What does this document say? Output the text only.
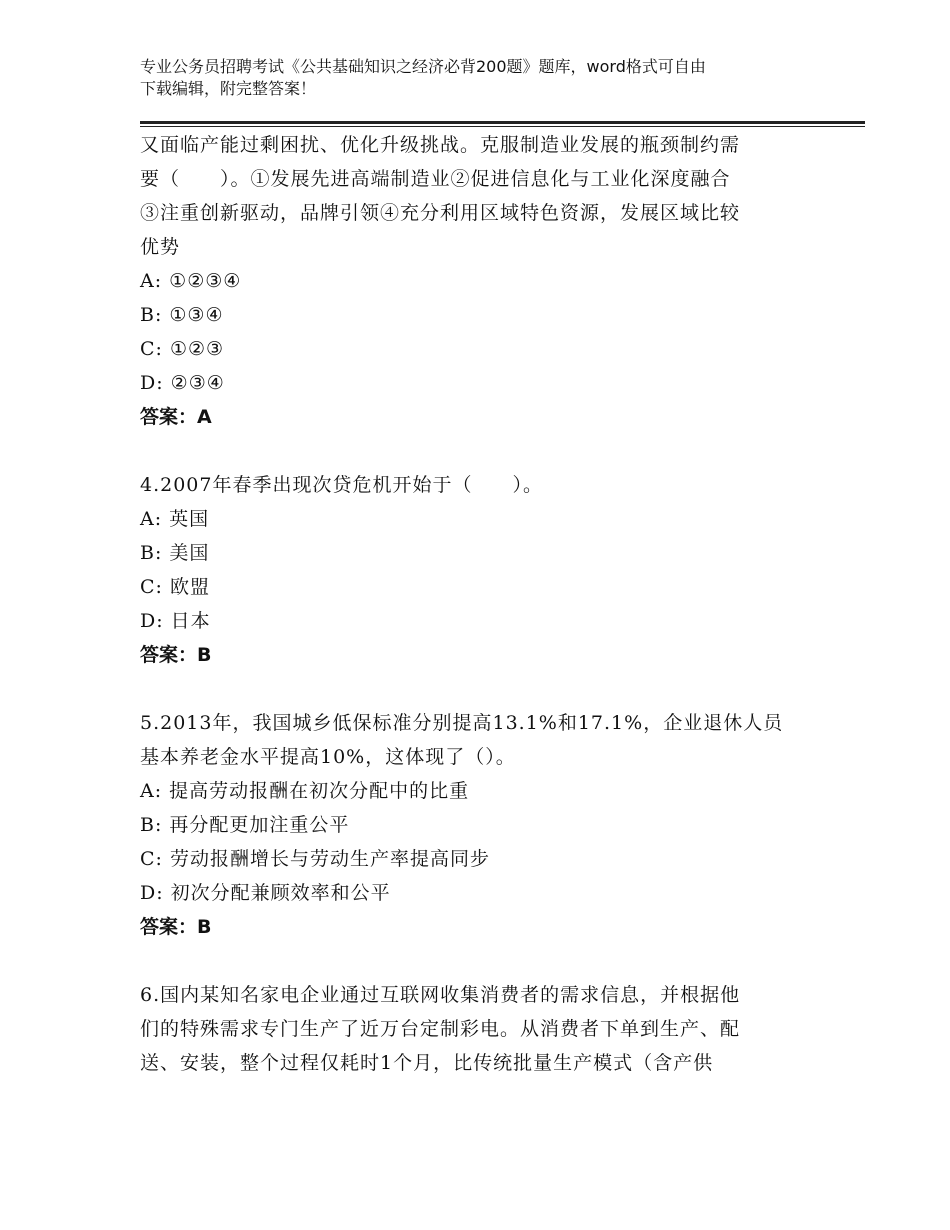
专业公务员招聘考试《公共基础知识之经济必背200题》题库，word格式可自由
下载编辑，附完整答案！
又面临产能过剩困扰、优化升级挑战。克服制造业发展的瓶颈制约需
要（　　）。①发展先进高端制造业②促进信息化与工业化深度融合
③注重创新驱动，品牌引领④充分利用区域特色资源，发展区域比较
优势
A: ①②③④
B: ①③④
C: ①②③
D: ②③④
答案：A
4.2007年春季出现次贷危机开始于（　　）。
A: 英国
B: 美国
C: 欧盟
D: 日本
答案：B
5.2013年，我国城乡低保标准分别提高13.1%和17.1%，企业退休人员
基本养老金水平提高10%，这体现了（）。
A: 提高劳动报酬在初次分配中的比重
B: 再分配更加注重公平
C: 劳动报酬增长与劳动生产率提高同步
D: 初次分配兼顾效率和公平
答案：B
6.国内某知名家电企业通过互联网收集消费者的需求信息，并根据他
们的特殊需求专门生产了近万台定制彩电。从消费者下单到生产、配
送、安装，整个过程仅耗时1个月，比传统批量生产模式（含产供
